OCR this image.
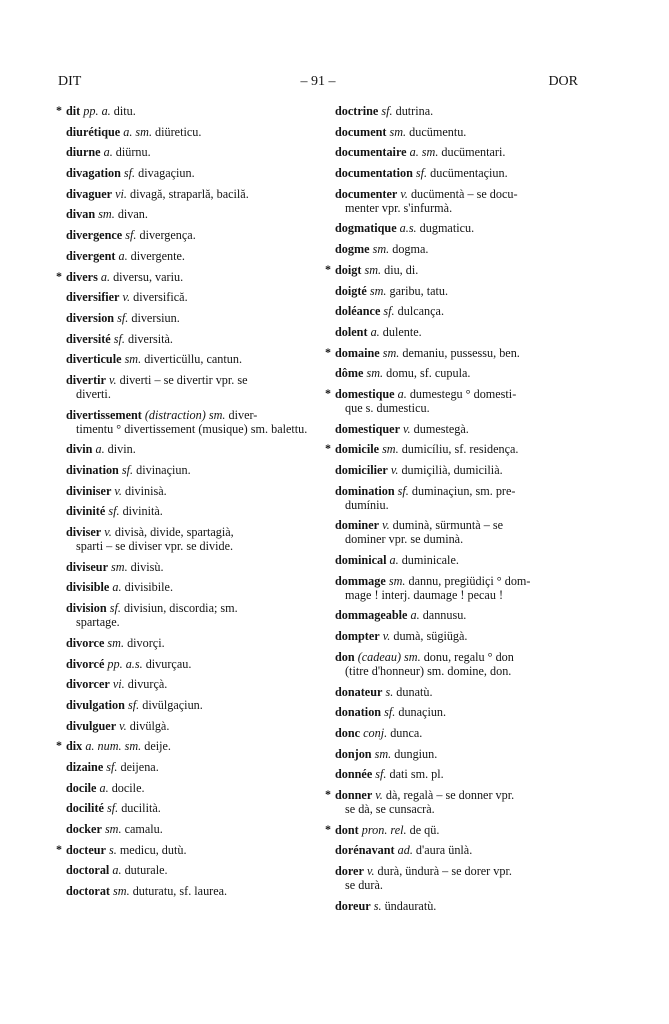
DIT	– 91 –	DOR
* dit pp. a. ditu.
diurétique a. sm. diüreticu.
diurne a. diürnu.
divagation sf. divagaçiun.
divaguer vi. divagă, straparlă, bacilă.
divan sm. divan.
divergence sf. divergença.
divergent a. divergente.
* divers a. diversu, variu.
diversifier v. diversifică.
diversion sf. diversiun.
diversité sf. diversità.
diverticule sm. diverticüllu, cantun.
divertir v. diverti – se divertir vpr. se
diverti.
divertissement (distraction) sm. diver-
timentu ° divertissement (musique) sm. balettu.
divin a. divin.
divination sf. divinaçiun.
diviniser v. divinisà.
divinité sf. divinità.
diviser v. divisà, divide, spartagià,
sparti – se diviser vpr. se divide.
diviseur sm. divisù.
divisible a. divisibile.
division sf. divisiun, discordia; sm.
spartage.
divorce sm. divorçi.
divorcé pp. a.s. divurçau.
divorcer vi. divurçà.
divulgation sf. divülgaçiun.
divulguer v. divülgà.
* dix a. num. sm. deije.
dizaine sf. deijena.
docile a. docile.
docilité sf. ducilità.
docker sm. camalu.
* docteur s. medicu, dutù.
doctoral a. duturale.
doctorat sm. duturatu, sf. laurea.
doctrine sf. dutrina.
document sm. ducümentu.
documentaire a. sm. ducümentari.
documentation sf. ducümentaçiun.
documenter v. ducümentà – se docu-
menter vpr. s'infurmà.
dogmatique a.s. dugmaticu.
dogme sm. dogma.
* doigt sm. diu, di.
doigté sm. garibu, tatu.
doléance sf. dulcança.
dolent a. dulente.
* domaine sm. demaniu, pussessu, ben.
dôme sm. domu, sf. cupula.
* domestique a. dumestegu ° domesti-
que s. dumesticu.
domestiquer v. dumestegà.
* domicile sm. dumicíliu, sf. residença.
domicilier v. dumiçilià, dumicilià.
domination sf. duminaçiun, sm. pre-
dumíniu.
dominer v. duminà, sürmuntà – se
dominer vpr. se duminà.
dominical a. duminicale.
dommage sm. dannu, pregiüdiçi ° dom-
mage ! interj. daumage ! pecau !
dommageable a. dannusu.
dompter v. dumà, sügiügà.
don (cadeau) sm. donu, regalu ° don
(titre d'honneur) sm. domine, don.
donateur s. dunatù.
donation sf. dunaçiun.
donc conj. dunca.
donjon sm. dungiun.
donnée sf. dati sm. pl.
* donner v. dà, regalà – se donner vpr.
se dà, se cunsacrà.
* dont pron. rel. de qü.
dorénavant ad. d'aura ünlà.
dorer v. durà, ündurà – se dorer vpr.
se durà.
doreur s. ündauratù.
